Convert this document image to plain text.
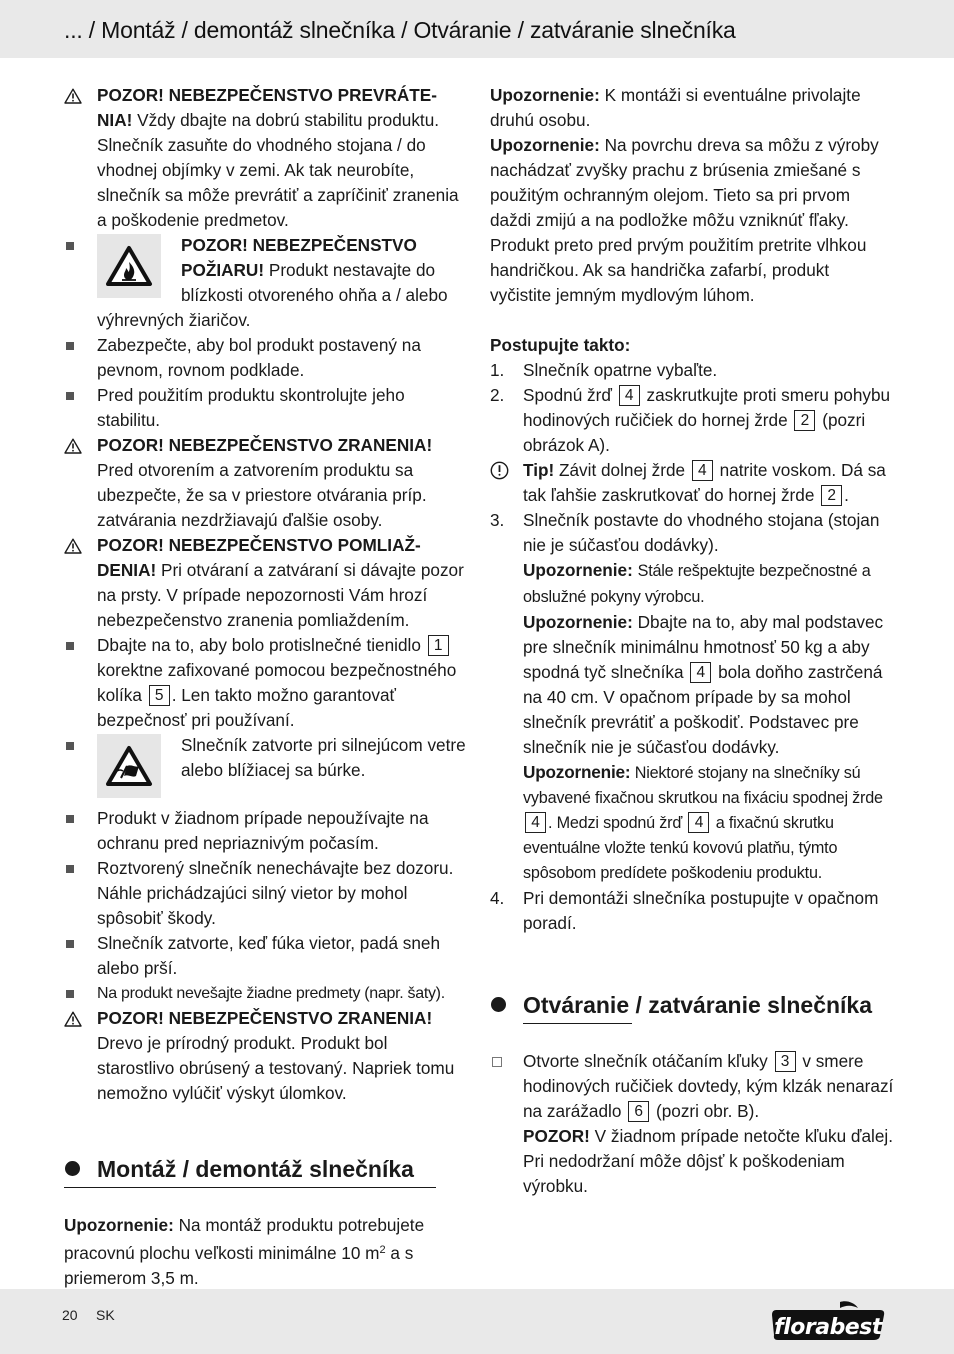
... / Montáž / demontáž slnečníka / Otváranie / zatváranie slnečníka
POZOR! NEBEZPEČENSTVO PREVRÁTE-NIA! Vždy dbajte na dobrú stabilitu produktu. Slnečník zasuňte do vhodného stojana / do vhodnej objímky v zemi. Ak tak neurobíte, slnečník sa môže prevrátiť a zapríčiniť zranenia a poškodenie predmetov.
POZOR! NEBEZPEČENSTVO POŽIARU! Produkt nestavajte do blízkosti otvoreného ohňa a / alebo výhrevných žiaričov.
Zabezpečte, aby bol produkt postavený na pevnom, rovnom podklade.
Pred použitím produktu skontrolujte jeho stabilitu.
POZOR! NEBEZPEČENSTVO ZRANENIA! Pred otvorením a zatvorením produktu sa ubezpečte, že sa v priestore otvárania príp. zatvárania nezdržiavajú ďalšie osoby.
POZOR! NEBEZPEČENSTVO POMLIAŽ-DENIA! Pri otváraní a zatváraní si dávajte pozor na prsty. V prípade nepozornosti Vám hrozí nebezpečenstvo zranenia pomliaždením.
Dbajte na to, aby bolo protislnečné tienidlo 1 korektne zafixované pomocou bezpečnostného kolíka 5 . Len takto možno garantovať bezpečnosť pri používaní.
Slnečník zatvorte pri silnejúcom vetre alebo blížiacej sa búrke.
Produkt v žiadnom prípade nepoužívajte na ochranu pred nepriaznivým počasím.
Roztvorený slnečník nenechávajte bez dozoru. Náhle prichádzajúci silný vietor by mohol spôsobiť škody.
Slnečník zatvorte, keď fúka vietor, padá sneh alebo prší.
Na produkt nevešajte žiadne predmety (napr. šaty).
POZOR! NEBEZPEČENSTVO ZRANENIA! Drevo je prírodný produkt. Produkt bol starostlivo obrúsený a testovaný. Napriek tomu nemožno vylúčiť výskyt úlomkov.
Montáž / demontáž slnečníka
Upozornenie: Na montáž produktu potrebujete pracovnú plochu veľkosti minimálne 10 $m^2$ a s priemerom 3,5 m.
Upozornenie: K montáži si eventuálne privolajte druhú osobu.
Upozornenie: Na povrchu dreva sa môžu z výroby nachádzať zvyšky prachu z brúsenia zmiešané s použitým ochranným olejom. Tieto sa pri prvom daždi zmijú a na podložke môžu vzniknúť fľaky. Produkt preto pred prvým použitím pretrite vlhkou handričkou. Ak sa handrička zafarbí, produkt vyčistite jemným mydlovým lúhom.
Postupujte takto:
1. Slnečník opatrne vybaľte.
2. Spodnú žrď 4 zaskrutkujte proti smeru pohybu hodinových ručičiek do hornej žrde 2 (pozri obrázok A).
Tip! Závit dolnej žrde 4 natrite voskom. Dá sa tak ľahšie zaskrutkovať do hornej žrde 2 .
3. Slnečník postavte do vhodného stojana (stojan nie je súčasťou dodávky).
Upozornenie: Stále rešpektujte bezpečnostné a obslužné pokyny výrobcu.
Upozornenie: Dbajte na to, aby mal podstavec pre slnečník minimálnu hmotnosť 50 kg a aby spodná tyč slnečníka 4 bola doňho zastrčená na 40 cm. V opačnom prípade by sa mohol slnečník prevrátiť a poškodiť. Podstavec pre slnečník nie je súčasťou dodávky.
Upozornenie: Niektoré stojany na slnečníky sú vybavené fixačnou skrutkou na fixáciu spodnej žrde 4 . Medzi spodnú žrď 4 a fixačnú skrutku eventuálne vložte tenkú kovovú platňu, týmto spôsobom predídete poškodeniu produktu.
4. Pri demontáži slnečníka postupujte v opačnom poradí.
Otváranie / zatváranie slnečníka
Otvorte slnečník otáčaním kľuky 3 v smere hodinových ručičiek dovtedy, kým klzák nenarazí na zarážadlo 6 (pozri obr. B).
POZOR! V žiadnom prípade netočte kľuku ďalej. Pri nedodržaní môže dôjsť k poškodeniam výrobku.
20 SK	florabest
